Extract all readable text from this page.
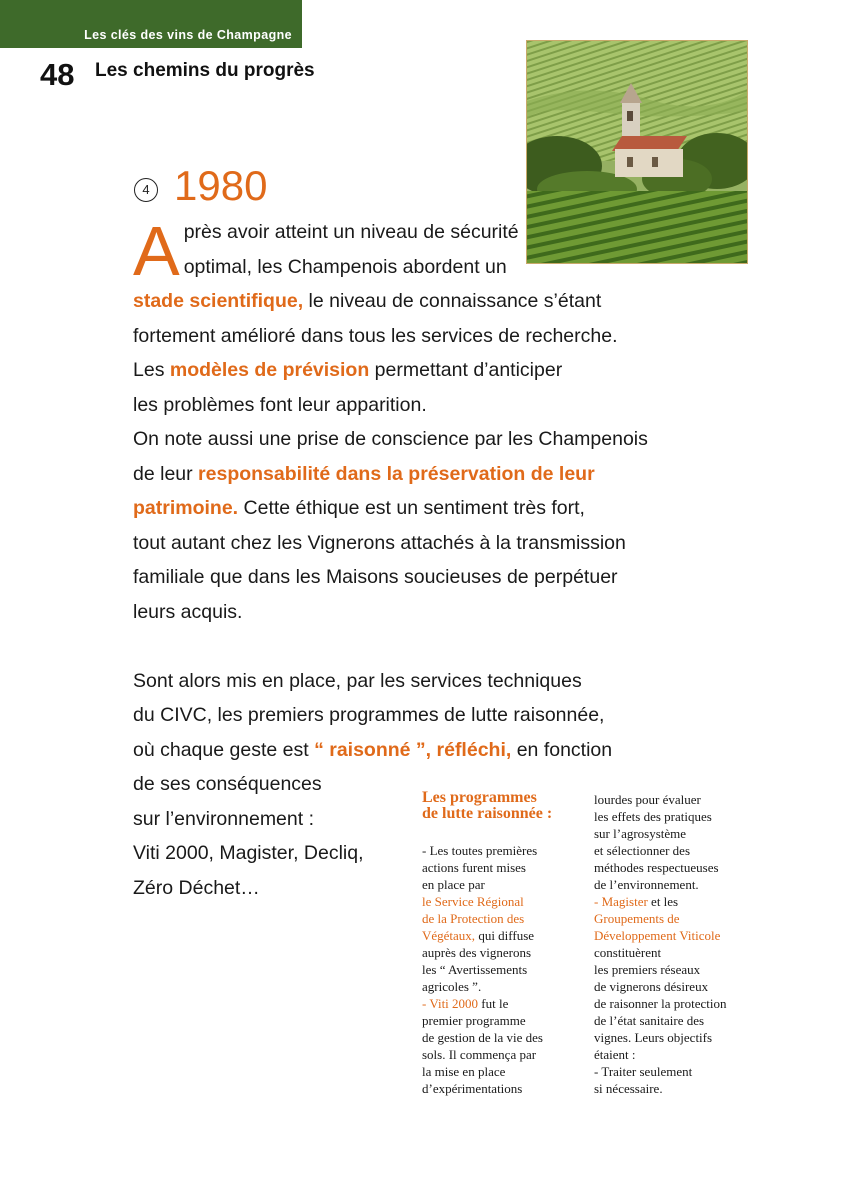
Les clés des vins de Champagne
48 Les chemins du progrès
4 1980
A près avoir atteint un niveau de sécurité
optimal, les Champenois abordent un
stade scientifique, le niveau de connaissance s’étant
fortement amélioré dans tous les services de recherche.
Les modèles de prévision permettant d’anticiper
les problèmes font leur apparition.
On note aussi une prise de conscience par les Champenois
de leur responsabilité dans la préservation de leur
patrimoine. Cette éthique est un sentiment très fort,
tout autant chez les Vignerons attachés à la transmission
familiale que dans les Maisons soucieuses de perpétuer
leurs acquis.
Sont alors mis en place, par les services techniques
du CIVC, les premiers programmes de lutte raisonnée,
où chaque geste est “ raisonné ”, réfléchi, en fonction
de ses conséquences
sur l’environnement :
Viti 2000, Magister, Decliq,
Zéro Déchet…
Les programmes
de lutte raisonnée :
- Les toutes premières
actions furent mises
en place par
le Service Régional
de la Protection des
Végétaux, qui diffuse
auprès des vignerons
les “ Avertissements
agricoles ”.
- Viti 2000 fut le
premier programme
de gestion de la vie des
sols. Il commença par
la mise en place
d’expérimentations
lourdes pour évaluer
les effets des pratiques
sur l’agrosystème
et sélectionner des
méthodes respectueuses
de l’environnement.
- Magister et les
Groupements de
Développement Viticole
constituèrent
les premiers réseaux
de vignerons désireux
de raisonner la protection
de l’état sanitaire des
vignes. Leurs objectifs
étaient :
- Traiter seulement
si nécessaire.
